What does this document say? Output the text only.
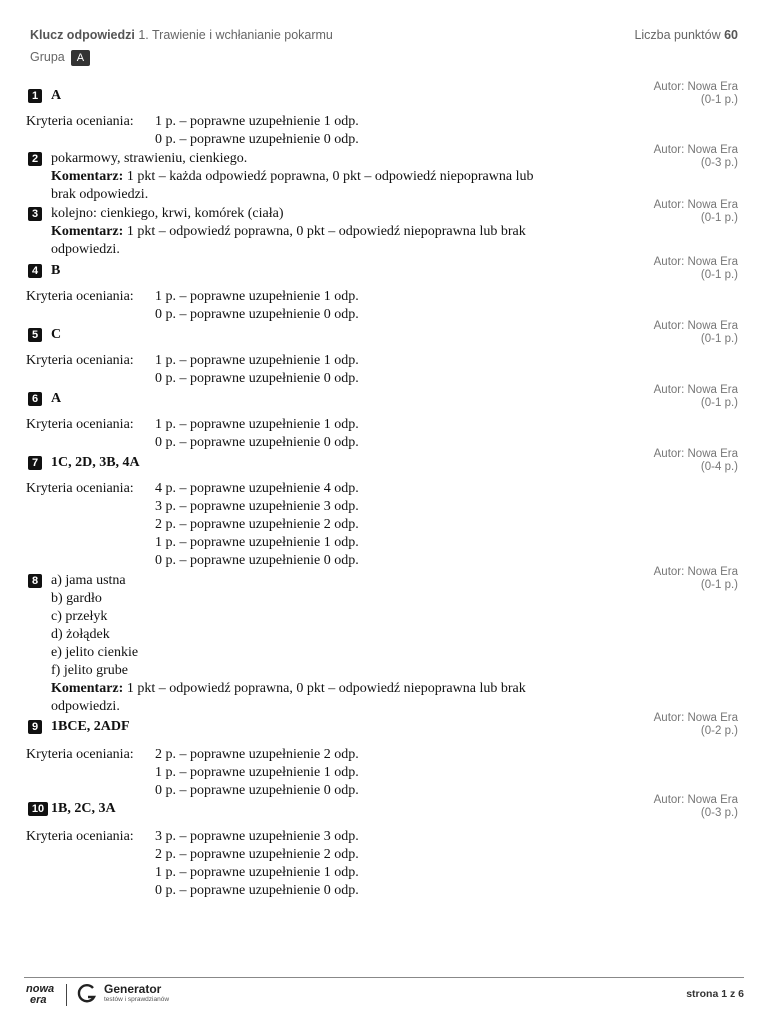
Klucz odpowiedzi 1. Trawienie i wchłanianie pokarmu	Liczba punktów 60
Grupa A
1 A
Autor: Nowa Era
(0-1 p.)
Kryteria oceniania:	1 p. – poprawne uzupełnienie 1 odp.
0 p. – poprawne uzupełnienie 0 odp.
2 pokarmowy, strawieniu, cienkiego.
Autor: Nowa Era
(0-3 p.)
Komentarz: 1 pkt – każda odpowiedź poprawna, 0 pkt – odpowiedź niepoprawna lub
brak odpowiedzi.
3 kolejno: cienkiego, krwi, komórek (ciała)
Autor: Nowa Era
(0-1 p.)
Komentarz: 1 pkt – odpowiedź poprawna, 0 pkt – odpowiedź niepoprawna lub brak
odpowiedzi.
4 B
Autor: Nowa Era
(0-1 p.)
Kryteria oceniania:	1 p. – poprawne uzupełnienie 1 odp.
0 p. – poprawne uzupełnienie 0 odp.
5 C
Autor: Nowa Era
(0-1 p.)
Kryteria oceniania:	1 p. – poprawne uzupełnienie 1 odp.
0 p. – poprawne uzupełnienie 0 odp.
6 A
Autor: Nowa Era
(0-1 p.)
Kryteria oceniania:	1 p. – poprawne uzupełnienie 1 odp.
0 p. – poprawne uzupełnienie 0 odp.
7 1C, 2D, 3B, 4A
Autor: Nowa Era
(0-4 p.)
Kryteria oceniania:	4 p. – poprawne uzupełnienie 4 odp.
3 p. – poprawne uzupełnienie 3 odp.
2 p. – poprawne uzupełnienie 2 odp.
1 p. – poprawne uzupełnienie 1 odp.
0 p. – poprawne uzupełnienie 0 odp.
8 a) jama ustna
Autor: Nowa Era
(0-1 p.)
b) gardło
c) przełyk
d) żołądek
e) jelito cienkie
f) jelito grube
Komentarz: 1 pkt – odpowiedź poprawna, 0 pkt – odpowiedź niepoprawna lub brak
odpowiedzi.
9 1BCE, 2ADF
Autor: Nowa Era
(0-2 p.)
Kryteria oceniania:	2 p. – poprawne uzupełnienie 2 odp.
1 p. – poprawne uzupełnienie 1 odp.
0 p. – poprawne uzupełnienie 0 odp.
10 1B, 2C, 3A
Autor: Nowa Era
(0-3 p.)
Kryteria oceniania:	3 p. – poprawne uzupełnienie 3 odp.
2 p. – poprawne uzupełnienie 2 odp.
1 p. – poprawne uzupełnienie 1 odp.
0 p. – poprawne uzupełnienie 0 odp.
nowa
era
Generator
testów i sprawdzianów	strona 1 z 6
